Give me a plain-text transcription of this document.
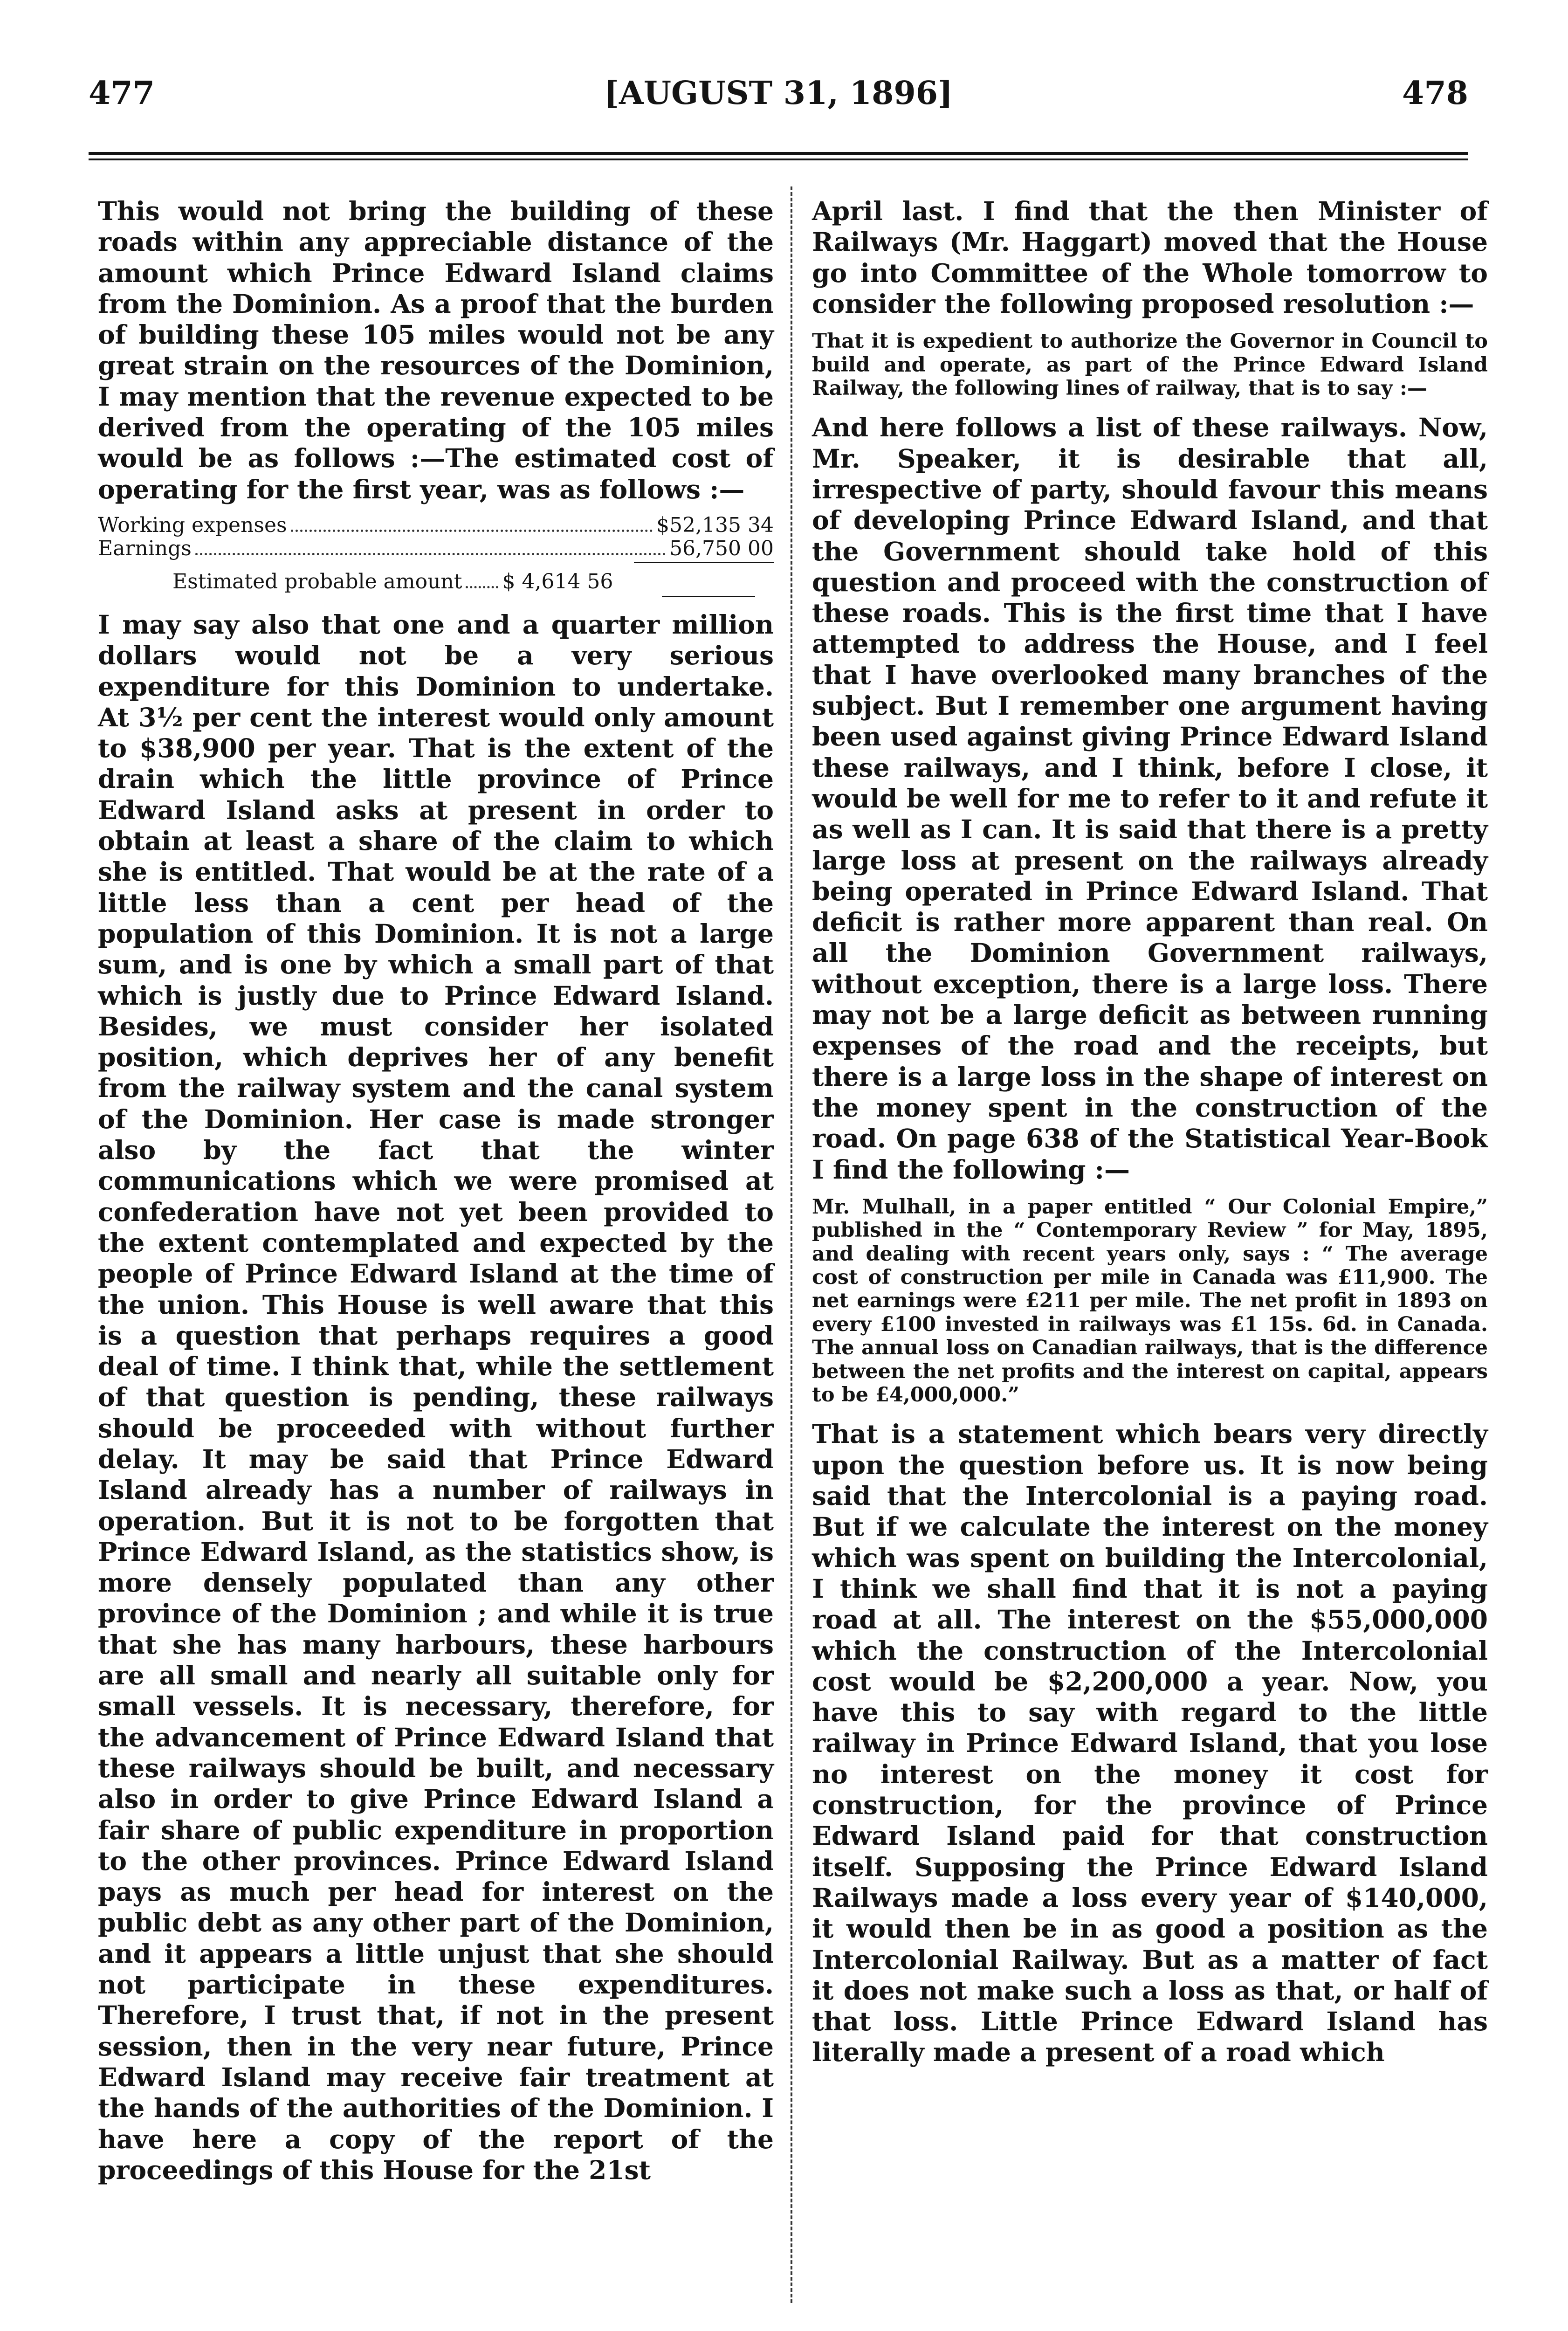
477	[AUGUST 31, 1896]	478

This would not bring the building of these roads within any appreciable distance of the amount which Prince Edward Island claims from the Dominion. As a proof that the burden of building these 105 miles would not be any great strain on the resources of the Dominion, I may mention that the revenue expected to be derived from the operating of the 105 miles would be as follows :—The estimated cost of operating for the first year, was as follows :—

Working expenses	$52,135 34
Earnings	56,750 00
Estimated probable amount $ 4,614 56

I may say also that one and a quarter million dollars would not be a very serious expenditure for this Dominion to undertake. At 3½ per cent the interest would only amount to $38,900 per year. That is the extent of the drain which the little province of Prince Edward Island asks at present in order to obtain at least a share of the claim to which she is entitled. That would be at the rate of a little less than a cent per head of the population of this Dominion. It is not a large sum, and is one by which a small part of that which is justly due to Prince Edward Island. Besides, we must consider her isolated position, which deprives her of any benefit from the railway system and the canal system of the Dominion. Her case is made stronger also by the fact that the winter communications which we were promised at confederation have not yet been provided to the extent contemplated and expected by the people of Prince Edward Island at the time of the union. This House is well aware that this is a question that perhaps requires a good deal of time. I think that, while the settlement of that question is pending, these railways should be proceeded with without further delay. It may be said that Prince Edward Island already has a number of railways in operation. But it is not to be forgotten that Prince Edward Island, as the statistics show, is more densely populated than any other province of the Dominion ; and while it is true that she has many harbours, these harbours are all small and nearly all suitable only for small vessels. It is necessary, therefore, for the advancement of Prince Edward Island that these railways should be built, and necessary also in order to give Prince Edward Island a fair share of public expenditure in proportion to the other provinces. Prince Edward Island pays as much per head for interest on the public debt as any other part of the Dominion, and it appears a little unjust that she should not participate in these expenditures. Therefore, I trust that, if not in the present session, then in the very near future, Prince Edward Island may receive fair treatment at the hands of the authorities of the Dominion. I have here a copy of the report of the proceedings of this House for the 21st

April last. I find that the then Minister of Railways (Mr. Haggart) moved that the House go into Committee of the Whole tomorrow to consider the following proposed resolution :—

That it is expedient to authorize the Governor in Council to build and operate, as part of the Prince Edward Island Railway, the following lines of railway, that is to say :—

And here follows a list of these railways. Now, Mr. Speaker, it is desirable that all, irrespective of party, should favour this means of developing Prince Edward Island, and that the Government should take hold of this question and proceed with the construction of these roads. This is the first time that I have attempted to address the House, and I feel that I have overlooked many branches of the subject. But I remember one argument having been used against giving Prince Edward Island these railways, and I think, before I close, it would be well for me to refer to it and refute it as well as I can. It is said that there is a pretty large loss at present on the railways already being operated in Prince Edward Island. That deficit is rather more apparent than real. On all the Dominion Government railways, without exception, there is a large loss. There may not be a large deficit as between running expenses of the road and the receipts, but there is a large loss in the shape of interest on the money spent in the construction of the road. On page 638 of the Statistical Year-Book I find the following :—

Mr. Mulhall, in a paper entitled “ Our Colonial Empire,” published in the “ Contemporary Review ” for May, 1895, and dealing with recent years only, says : “ The average cost of construction per mile in Canada was £11,900. The net earnings were £211 per mile. The net profit in 1893 on every £100 invested in railways was £1 15s. 6d. in Canada. The annual loss on Canadian railways, that is the difference between the net profits and the interest on capital, appears to be £4,000,000.”

That is a statement which bears very directly upon the question before us. It is now being said that the Intercolonial is a paying road. But if we calculate the interest on the money which was spent on building the Intercolonial, I think we shall find that it is not a paying road at all. The interest on the $55,000,000 which the construction of the Intercolonial cost would be $2,200,000 a year. Now, you have this to say with regard to the little railway in Prince Edward Island, that you lose no interest on the money it cost for construction, for the province of Prince Edward Island paid for that construction itself. Supposing the Prince Edward Island Railways made a loss every year of $140,000, it would then be in as good a position as the Intercolonial Railway. But as a matter of fact it does not make such a loss as that, or half of that loss. Little Prince Edward Island has literally made a present of a road which
